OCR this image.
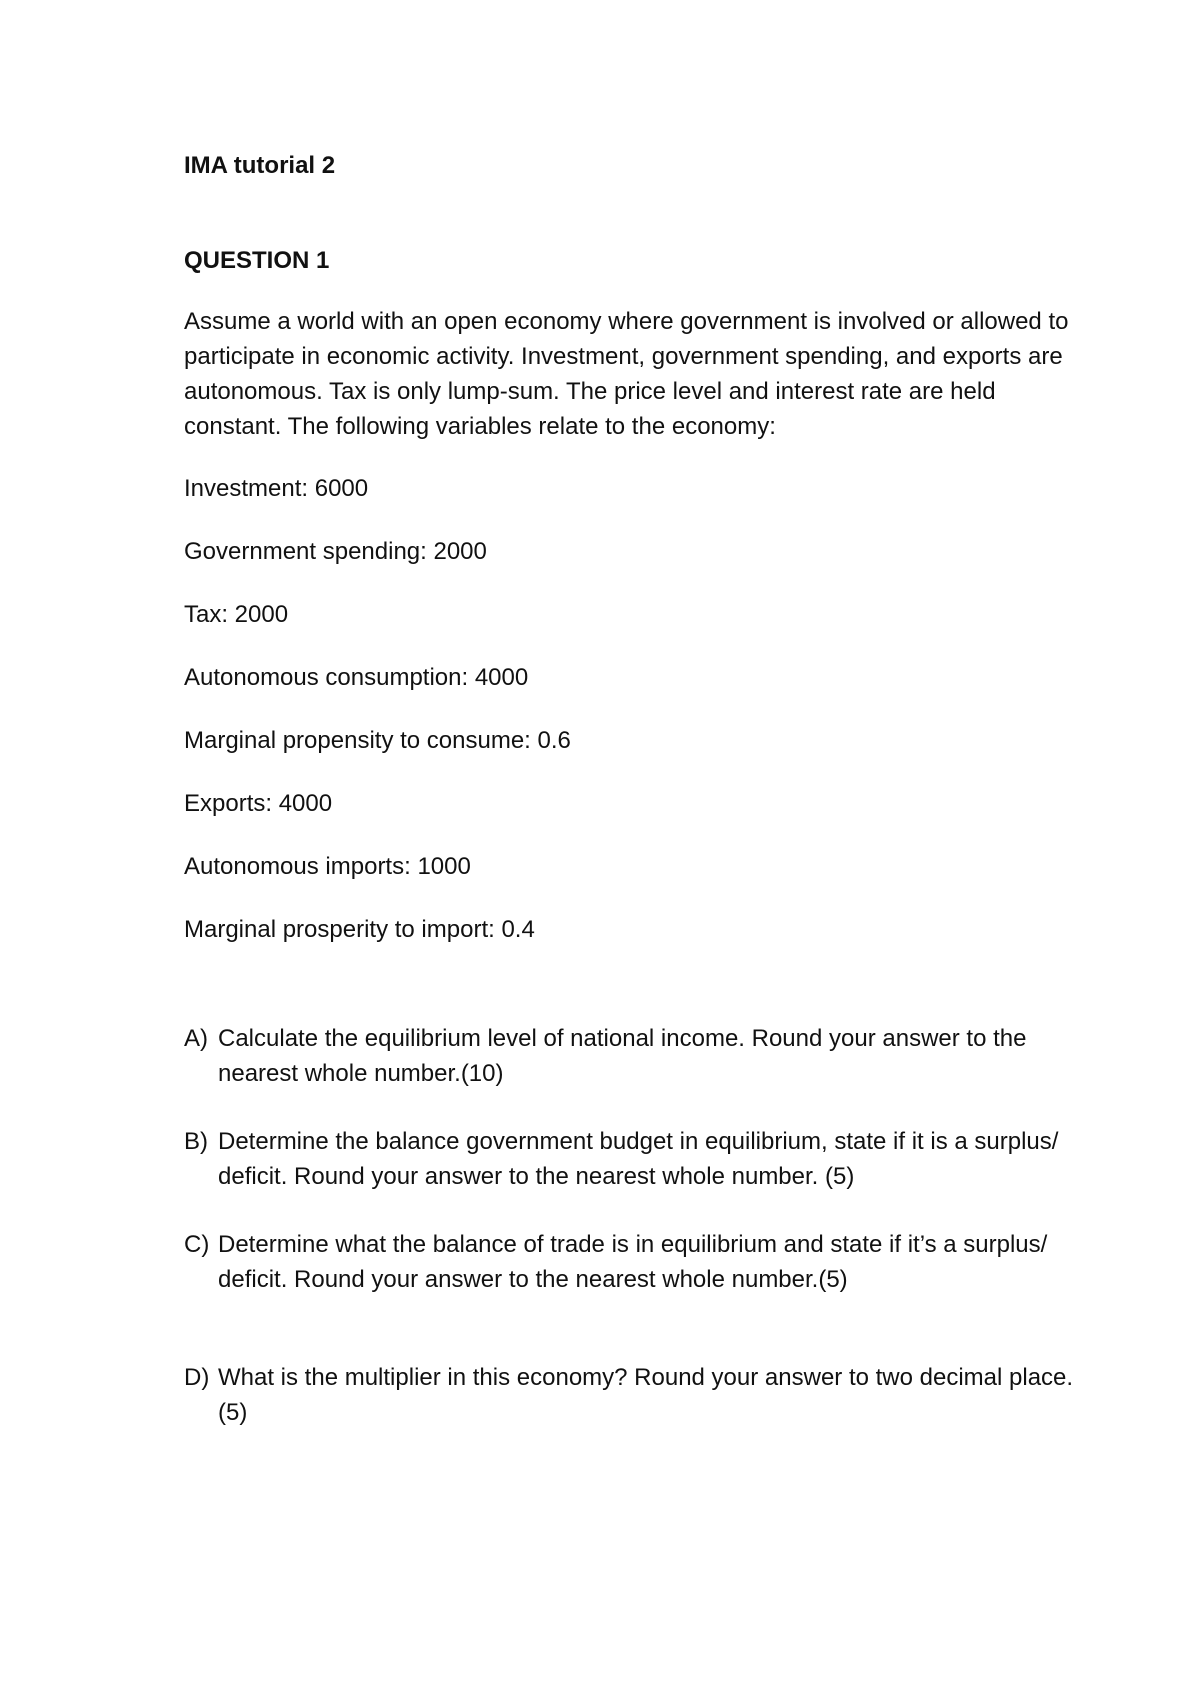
IMA tutorial 2

QUESTION 1

Assume a world with an open economy where government is involved or allowed to participate in economic activity. Investment, government spending, and exports are autonomous. Tax is only lump-sum. The price level and interest rate are held constant. The following variables relate to the economy:

Investment: 6000
Government spending: 2000
Tax: 2000
Autonomous consumption: 4000
Marginal propensity to consume: 0.6
Exports: 4000
Autonomous imports: 1000
Marginal prosperity to import: 0.4
A) Calculate the equilibrium level of national income. Round your answer to the nearest whole number.(10)
B) Determine the balance government budget in equilibrium, state if it is a surplus/ deficit. Round your answer to the nearest whole number. (5)
C) Determine what the balance of trade is in equilibrium and state if it’s a surplus/ deficit. Round your answer to the nearest whole number.(5)
D) What is the multiplier in this economy? Round your answer to two decimal place. (5)
